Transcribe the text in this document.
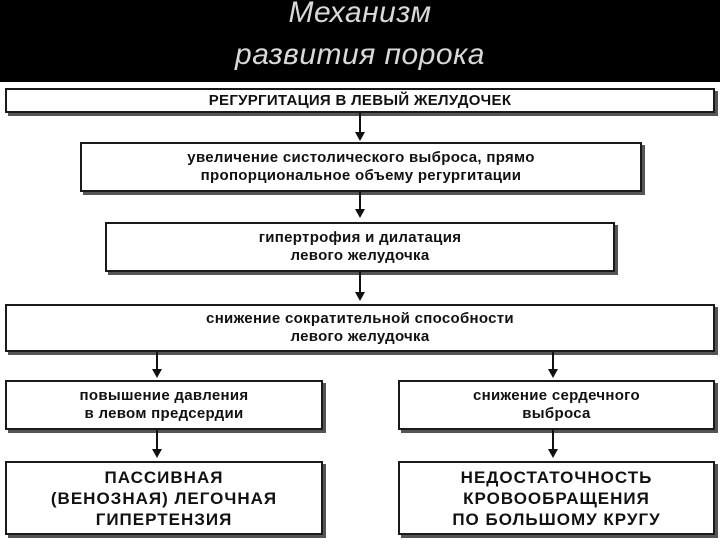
Механизм
развития порока
РЕГУРГИТАЦИЯ В ЛЕВЫЙ ЖЕЛУДОЧЕК
увеличение систолического выброса, прямо
пропорциональное объему регургитации
гипертрофия и дилатация
левого желудочка
снижение сократительной способности
левого желудочка
повышение давления
в левом предсердии
снижение сердечного
выброса
ПАССИВНАЯ
(ВЕНОЗНАЯ) ЛЕГОЧНАЯ
ГИПЕРТЕНЗИЯ
НЕДОСТАТОЧНОСТЬ
КРОВООБРАЩЕНИЯ
ПО БОЛЬШОМУ КРУГУ
